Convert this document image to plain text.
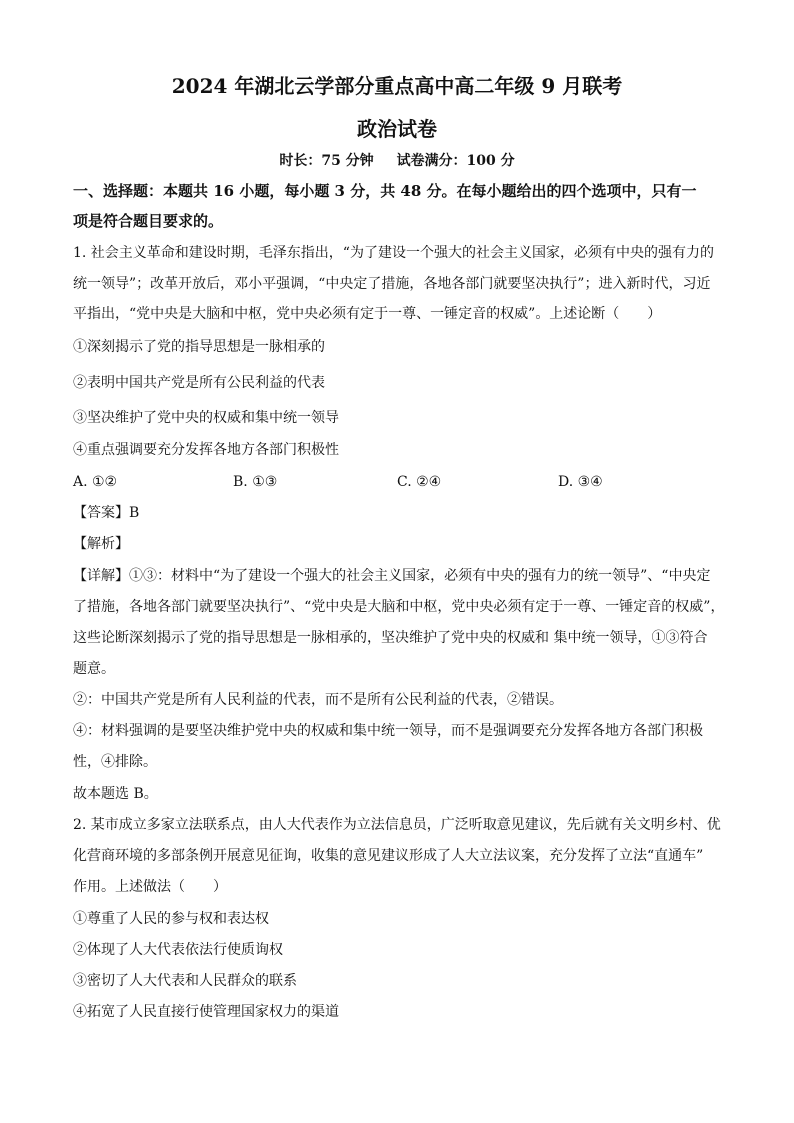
2024 年湖北云学部分重点高中高二年级 9 月联考
政治试卷
时长：75 分钟 试卷满分：100 分
一、选择题：本题共 16 小题，每小题 3 分，共 48 分。在每小题给出的四个选项中，只有一
项是符合题目要求的。
1. 社会主义革命和建设时期，毛泽东指出，“为了建设一个强大的社会主义国家，必须有中央的强有力的
统一领导”；改革开放后，邓小平强调，“中央定了措施，各地各部门就要坚决执行”；进入新时代，习近
平指出，“党中央是大脑和中枢，党中央必须有定于一尊、一锤定音的权威”。上述论断（　　）
①深刻揭示了党的指导思想是一脉相承的
②表明中国共产党是所有公民利益的代表
③坚决维护了党中央的权威和集中统一领导
④重点强调要充分发挥各地方各部门积极性
A. ①②	B. ①③	C. ②④	D. ③④
【答案】B
【解析】
【详解】①③：材料中“为了建设一个强大的社会主义国家，必须有中央的强有力的统一领导”、“中央定
了措施，各地各部门就要坚决执行”、“党中央是大脑和中枢，党中央必须有定于一尊、一锤定音的权威”，
这些论断深刻揭示了党的指导思想是一脉相承的，坚决维护了党中央的权威和 集中统一领导，①③符合
题意。
②：中国共产党是所有人民利益的代表，而不是所有公民利益的代表，②错误。
④：材料强调的是要坚决维护党中央的权威和集中统一领导，而不是强调要充分发挥各地方各部门积极
性，④排除。
故本题选 B。
2. 某市成立多家立法联系点，由人大代表作为立法信息员，广泛听取意见建议，先后就有关文明乡村、优
化营商环境的多部条例开展意见征询，收集的意见建议形成了人大立法议案，充分发挥了立法“直通车”
作用。上述做法（　　）
①尊重了人民的参与权和表达权
②体现了人大代表依法行使质询权
③密切了人大代表和人民群众的联系
④拓宽了人民直接行使管理国家权力的渠道
